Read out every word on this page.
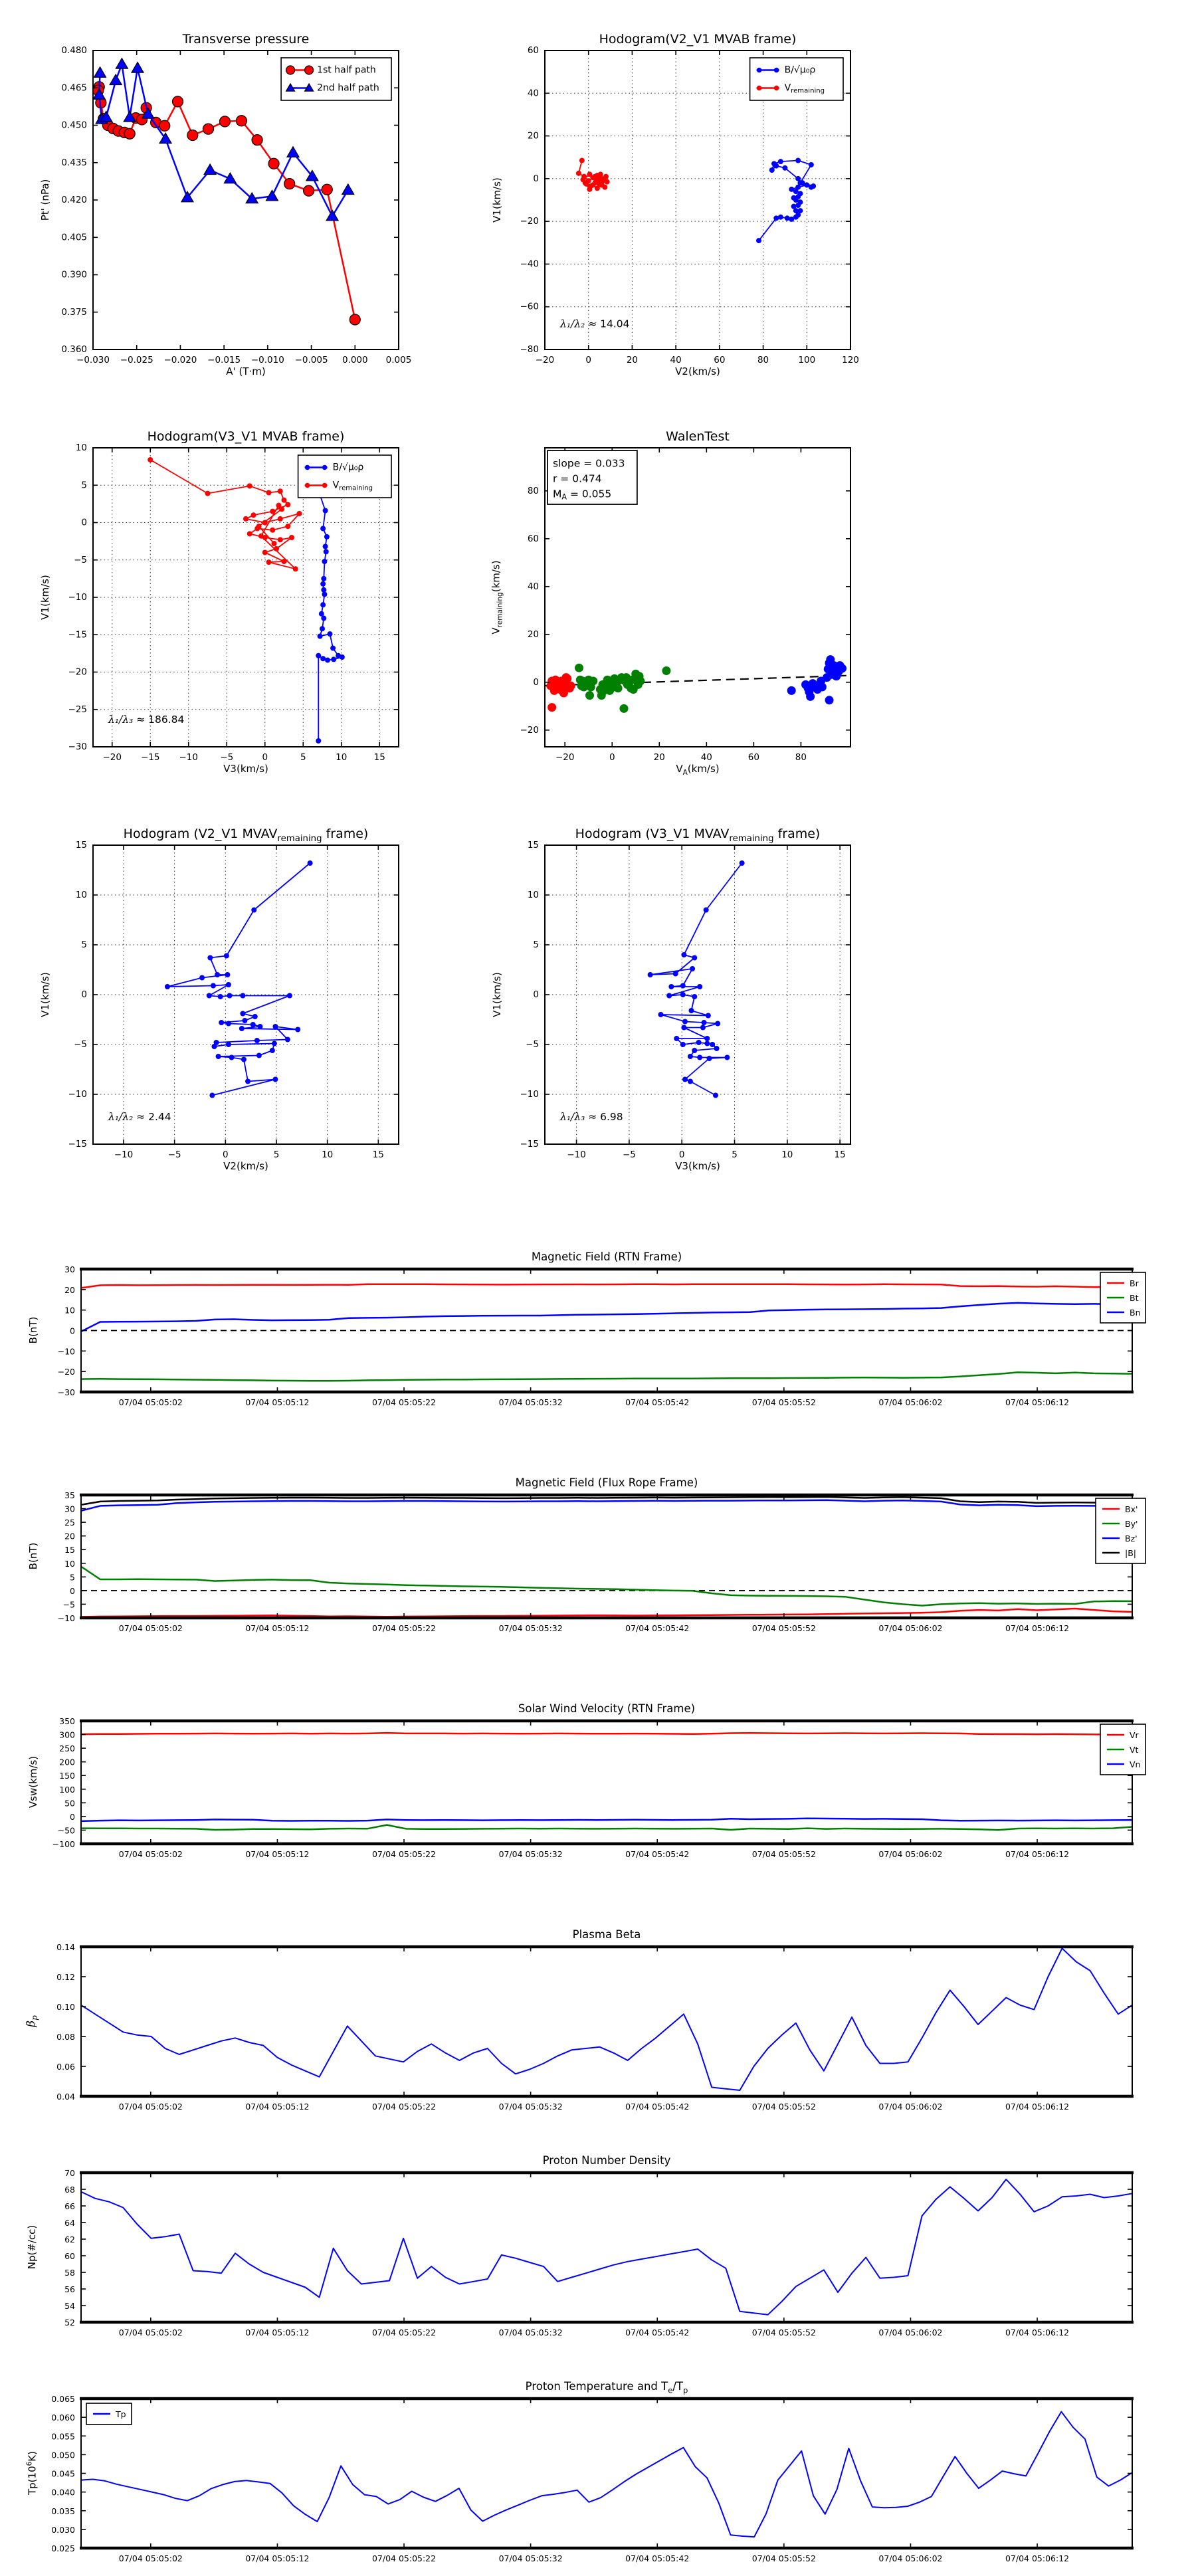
Transverse pressure
Pt' (nPa)
A' (T·m)
−0.030 −0.025 −0.020 −0.015 −0.010 −0.005 0.000 0.005
0.360
0.375
0.390
0.405
0.420
0.435
0.450
0.465
0.480
1st half path
2nd half path
Hodogram(V2_V1 MVAB frame)
V1(km/s)
V2(km/s)
−20	0	20	40	60	80	100	120
−80
−60
−40
−20
0
20
40
60
B/√μ₀ρ
$V_{remaining}$
λ₁/λ₂ ≈ 14.04
Hodogram(V3_V1 MVAB frame)
V1(km/s)
V3(km/s)
−20 −15 −10 −5	0	5	10	15
−30
−25
−20
−15
−10
−5
0
5
10
B/√μ₀ρ
$V_{remaining}$
λ₁/λ₃ ≈ 186.84
WalenTest
$V_{remaining}(km/s)$
$V_A(km/s)$
−20	0	20	40	60	80
−20
0
20
40
60
80
slope = 0.033
r = 0.474
$M_A = 0.055$
Hodogram (V2_V1 $MVAV_{remaining}$ frame)
V1(km/s)
V2(km/s)
−10	−5	0	5	10	15
−15
−10
−5
0
5
10
15
λ₁/λ₂ ≈ 2.44
Hodogram (V3_V1 $MVAV_{remaining}$ frame)
V1(km/s)
V3(km/s)
−10	−5	0	5	10	15
−15
−10
−5
0
5
10
15
λ₁/λ₃ ≈ 6.98
Magnetic Field (RTN Frame)
B(nT)
07/04 05:05:02	07/04 05:05:12	07/04 05:05:22	07/04 05:05:32	07/04 05:05:42	07/04 05:05:52	07/04 05:06:02	07/04 05:06:12
−30
−20
−10
0
10
20
30
Br
Bt
Bn
Magnetic Field (Flux Rope Frame)
B(nT)
07/04 05:05:02	07/04 05:05:12	07/04 05:05:22	07/04 05:05:32	07/04 05:05:42	07/04 05:05:52	07/04 05:06:02	07/04 05:06:12
−10
−5
0
5
10
15
20
25
30
35
Bx'
By'
Bz'
|B|
Solar Wind Velocity (RTN Frame)
Vsw(km/s)
07/04 05:05:02	07/04 05:05:12	07/04 05:05:22	07/04 05:05:32	07/04 05:05:42	07/04 05:05:52	07/04 05:06:02	07/04 05:06:12
−100
−50
0
50
100
150
200
250
300
350
Vr
Vt
Vn
Plasma Beta
$\beta_p$
07/04 05:05:02	07/04 05:05:12	07/04 05:05:22	07/04 05:05:32	07/04 05:05:42	07/04 05:05:52	07/04 05:06:02	07/04 05:06:12
0.04
0.06
0.08
0.10
0.12
0.14
Proton Number Density
Np(#/cc)
07/04 05:05:02	07/04 05:05:12	07/04 05:05:22	07/04 05:05:32	07/04 05:05:42	07/04 05:05:52	07/04 05:06:02	07/04 05:06:12
52
54
56
58
60
62
64
66
68
70
Proton Temperature and $T_e/T_p$
$Tp(10^6K)$
07/04 05:05:02	07/04 05:05:12	07/04 05:05:22	07/04 05:05:32	07/04 05:05:42	07/04 05:05:52	07/04 05:06:02	07/04 05:06:12
0.025
0.030
0.035
0.040
0.045
0.050
0.055
0.060
0.065
Tp
